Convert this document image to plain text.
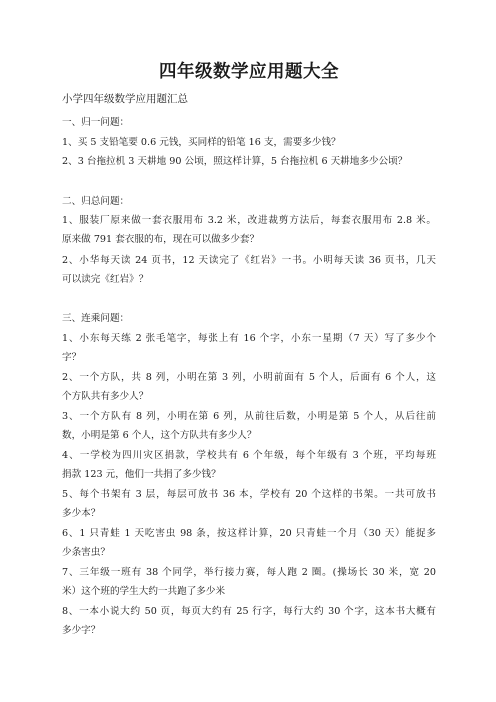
四年级数学应用题大全

小学四年级数学应用题汇总

一、归一问题：

1、买 5 支铅笔要 0.6 元钱，买同样的铅笔 16 支，需要多少钱？

2、3 台拖拉机 3 天耕地 90 公顷，照这样计算，5 台拖拉机 6 天耕地多少公顷？

二、归总问题：

1、服装厂原来做一套衣服用布 3.2 米，改进裁剪方法后，每套衣服用布 2.8 米。

原来做 791 套衣服的布，现在可以做多少套？

2、小华每天读 24 页书，12 天读完了《红岩》一书。小明每天读 36 页书，几天

可以读完《红岩》？

三、连乘问题：

1、小东每天练 2 张毛笔字，每张上有 16 个字，小东一星期（7 天）写了多少个

字？

2、一个方队，共 8 列，小明在第 3 列，小明前面有 5 个人，后面有 6 个人，这

个方队共有多少人？

3、一个方队有 8 列，小明在第 6 列，从前往后数，小明是第 5 个人，从后往前

数，小明是第 6 个人，这个方队共有多少人？

4、一学校为四川灾区捐款，学校共有 6 个年级，每个年级有 3 个班，平均每班

捐款 123 元，他们一共捐了多少钱？

5、每个书架有 3 层，每层可放书 36 本，学校有 20 个这样的书架。一共可放书

多少本？

6、1 只青蛙 1 天吃害虫 98 条，按这样计算，20 只青蛙一个月（30 天）能捉多

少条害虫？

7、三年级一班有 38 个同学，举行接力赛，每人跑 2 圈。(操场长 30 米，宽 20

米）这个班的学生大约一共跑了多少米

8、一本小说大约 50 页，每页大约有 25 行字，每行大约 30 个字，这本书大概有

多少字？
